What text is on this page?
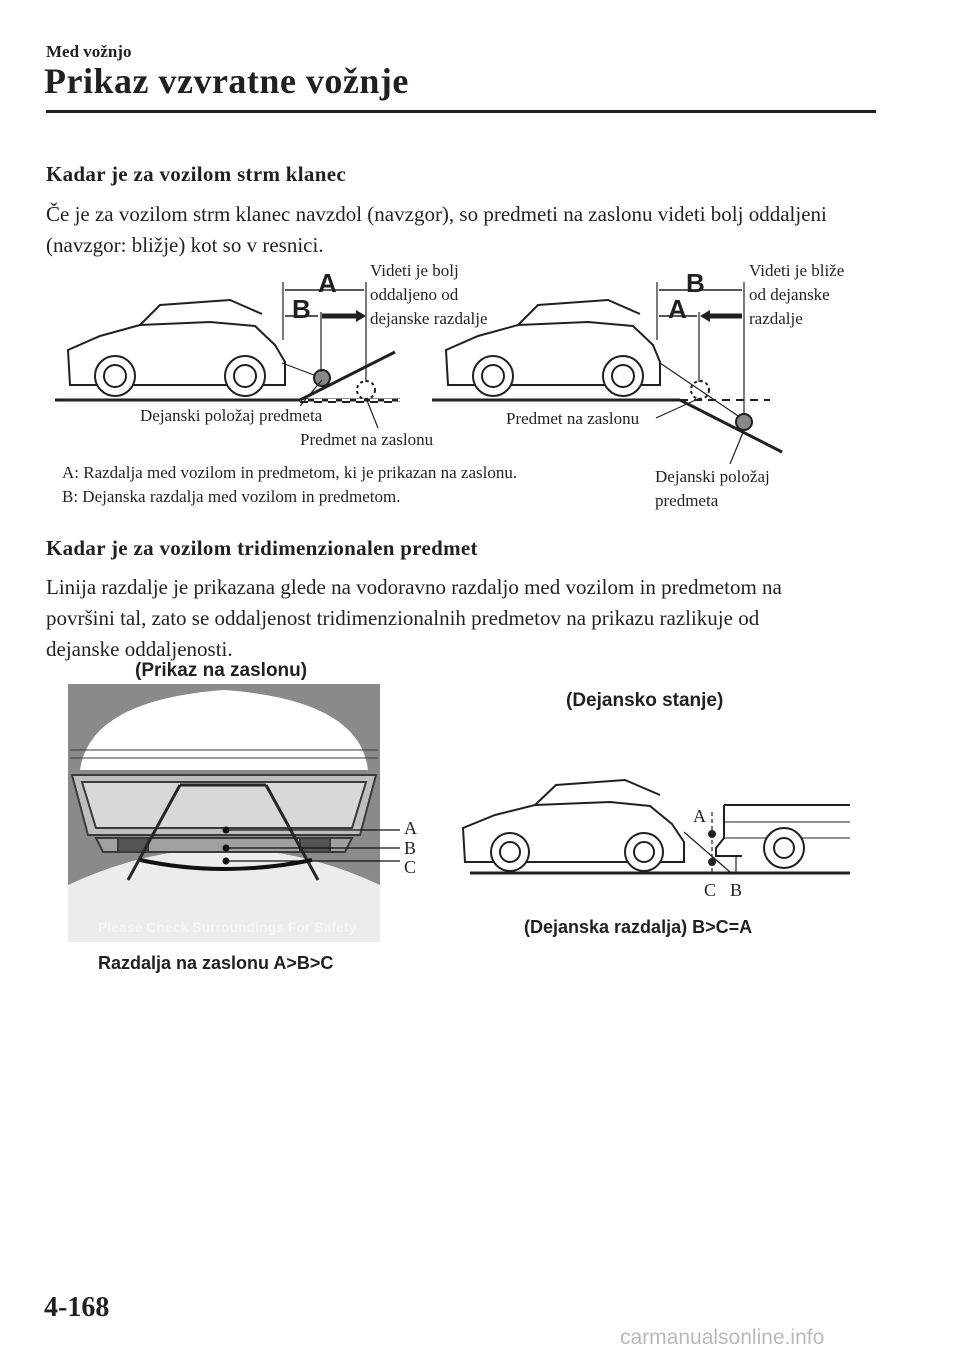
Med vožnjo
Prikaz vzvratne vožnje
Kadar je za vozilom strm klanec
Če je za vozilom strm klanec navzdol (navzgor), so predmeti na zaslonu videti bolj oddaljeni
(navzgor: bližje) kot so v resnici.
A
B
Videti je bolj
oddaljeno od
dejanske razdalje
Dejanski položaj predmeta
Predmet na zaslonu
B
A
Videti je bliže
od dejanske
razdalje
Predmet na zaslonu
Dejanski položaj
predmeta
A: Razdalja med vozilom in predmetom, ki je prikazan na zaslonu.
B: Dejanska razdalja med vozilom in predmetom.
Kadar je za vozilom tridimenzionalen predmet
Linija razdalje je prikazana glede na vodoravno razdaljo med vozilom in predmetom na
površini tal, zato se oddaljenost tridimenzionalnih predmetov na prikazu razlikuje od
dejanske oddaljenosti.
(Prikaz na zaslonu)
Please Check Surroundings For Safety
A
B
C
Razdalja na zaslonu A>B>C
(Dejansko stanje)
A
C B
(Dejanska razdalja) B>C=A
4-168
carmanualsonline.info
